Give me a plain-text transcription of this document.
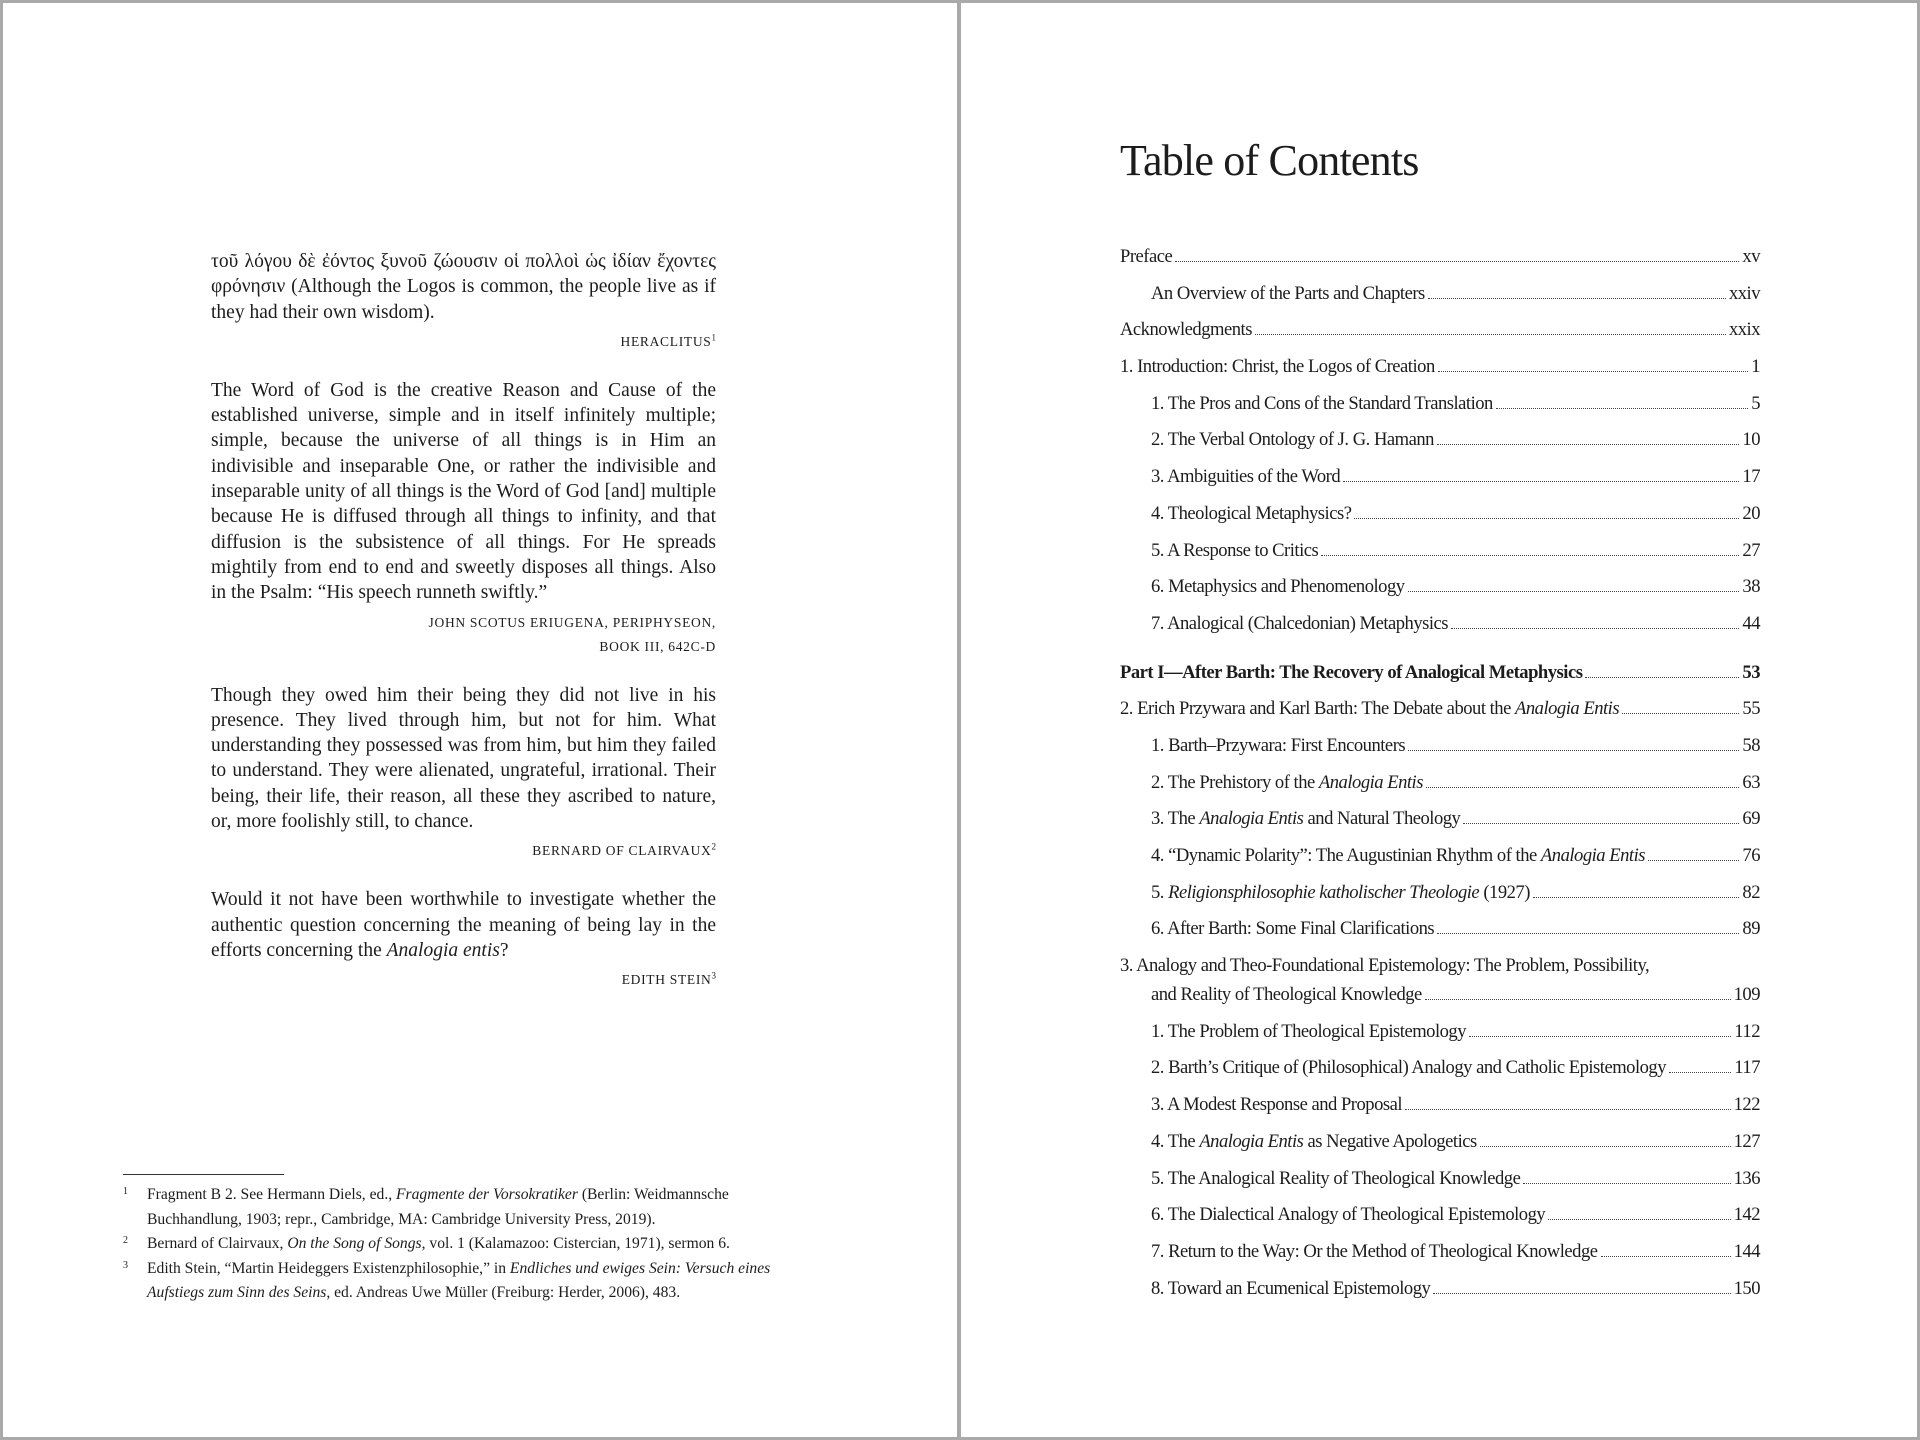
τοῦ λόγου δὲ ἐόντος ξυνοῦ ζώουσιν οἱ πολλοὶ ὡς ἰδίαν ἔχοντες φρόνησιν (Although the Logos is common, the people live as if they had their own wisdom).

HERACLITUS$^1$

The Word of God is the creative Reason and Cause of the established universe, simple and in itself infinitely multiple; simple, because the universe of all things is in Him an indivisible and inseparable One, or rather the indivisible and inseparable unity of all things is the Word of God [and] multiple because He is diffused through all things to infinity, and that diffusion is the subsistence of all things. For He spreads mightily from end to end and sweetly disposes all things. Also in the Psalm: “His speech runneth swiftly.”

JOHN SCOTUS ERIUGENA, PERIPHYSEON,
BOOK III, 642C-D

Though they owed him their being they did not live in his presence. They lived through him, but not for him. What understanding they possessed was from him, but him they failed to understand. They were alienated, ungrateful, irrational. Their being, their life, their reason, all these they ascribed to nature, or, more foolishly still, to chance.

BERNARD OF CLAIRVAUX$^2$

Would it not have been worthwhile to investigate whether the authentic question concerning the meaning of being lay in the efforts concerning the Analogia entis?

EDITH STEIN$^3$

1 Fragment B 2. See Hermann Diels, ed., Fragmente der Vorsokratiker (Berlin: Weidmannsche Buchhandlung, 1903; repr., Cambridge, MA: Cambridge University Press, 2019).
2 Bernard of Clairvaux, On the Song of Songs, vol. 1 (Kalamazoo: Cistercian, 1971), sermon 6.
3 Edith Stein, “Martin Heideggers Existenzphilosophie,” in Endliches und ewiges Sein: Versuch eines Aufstiegs zum Sinn des Seins, ed. Andreas Uwe Müller (Freiburg: Herder, 2006), 483.
Table of Contents
Preface	xv
An Overview of the Parts and Chapters	xxiv
Acknowledgments	xxix
1. Introduction: Christ, the Logos of Creation	1
1. The Pros and Cons of the Standard Translation	5
2. The Verbal Ontology of J. G. Hamann	10
3. Ambiguities of the Word	17
4. Theological Metaphysics?	20
5. A Response to Critics	27
6. Metaphysics and Phenomenology	38
7. Analogical (Chalcedonian) Metaphysics	44
Part I—After Barth: The Recovery of Analogical Metaphysics	53
2. Erich Przywara and Karl Barth: The Debate about the Analogia Entis	55
1. Barth–Przywara: First Encounters	58
2. The Prehistory of the Analogia Entis	63
3. The Analogia Entis and Natural Theology	69
4. “Dynamic Polarity”: The Augustinian Rhythm of the Analogia Entis	76
5. Religionsphilosophie katholischer Theologie (1927)	82
6. After Barth: Some Final Clarifications	89
3. Analogy and Theo-Foundational Epistemology: The Problem, Possibility,
and Reality of Theological Knowledge	109
1. The Problem of Theological Epistemology	112
2. Barth’s Critique of (Philosophical) Analogy and Catholic Epistemology	117
3. A Modest Response and Proposal	122
4. The Analogia Entis as Negative Apologetics	127
5. The Analogical Reality of Theological Knowledge	136
6. The Dialectical Analogy of Theological Epistemology	142
7. Return to the Way: Or the Method of Theological Knowledge	144
8. Toward an Ecumenical Epistemology	150
